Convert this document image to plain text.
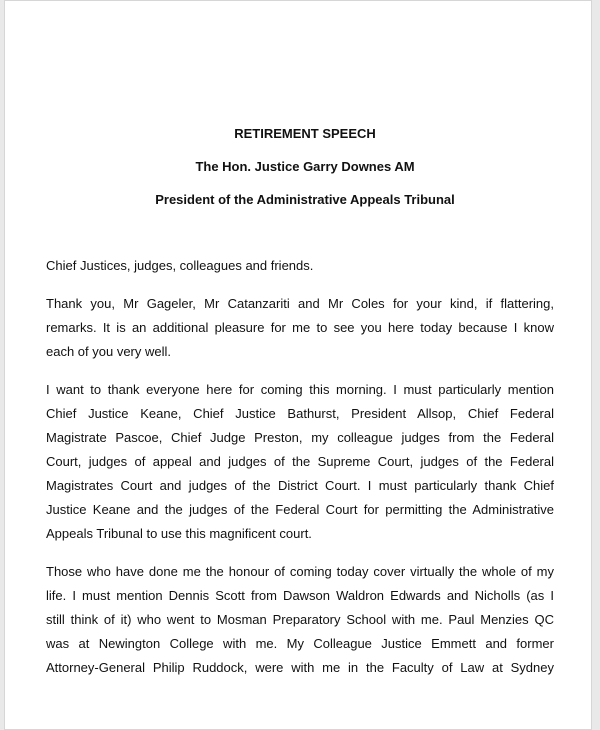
RETIREMENT SPEECH
The Hon. Justice Garry Downes AM
President of the Administrative Appeals Tribunal

Chief Justices, judges, colleagues and friends.

Thank you, Mr Gageler, Mr Catanzariti and Mr Coles for your kind, if flattering,
remarks. It is an additional pleasure for me to see you here today because I know
each of you very well.

I want to thank everyone here for coming this morning. I must particularly mention
Chief Justice Keane, Chief Justice Bathurst, President Allsop, Chief Federal
Magistrate Pascoe, Chief Judge Preston, my colleague judges from the Federal
Court, judges of appeal and judges of the Supreme Court, judges of the Federal
Magistrates Court and judges of the District Court. I must particularly thank Chief
Justice Keane and the judges of the Federal Court for permitting the Administrative
Appeals Tribunal to use this magnificent court.

Those who have done me the honour of coming today cover virtually the whole of my
life. I must mention Dennis Scott from Dawson Waldron Edwards and Nicholls (as I
still think of it) who went to Mosman Preparatory School with me. Paul Menzies QC
was at Newington College with me. My Colleague Justice Emmett and former
Attorney-General Philip Ruddock, were with me in the Faculty of Law at Sydney
